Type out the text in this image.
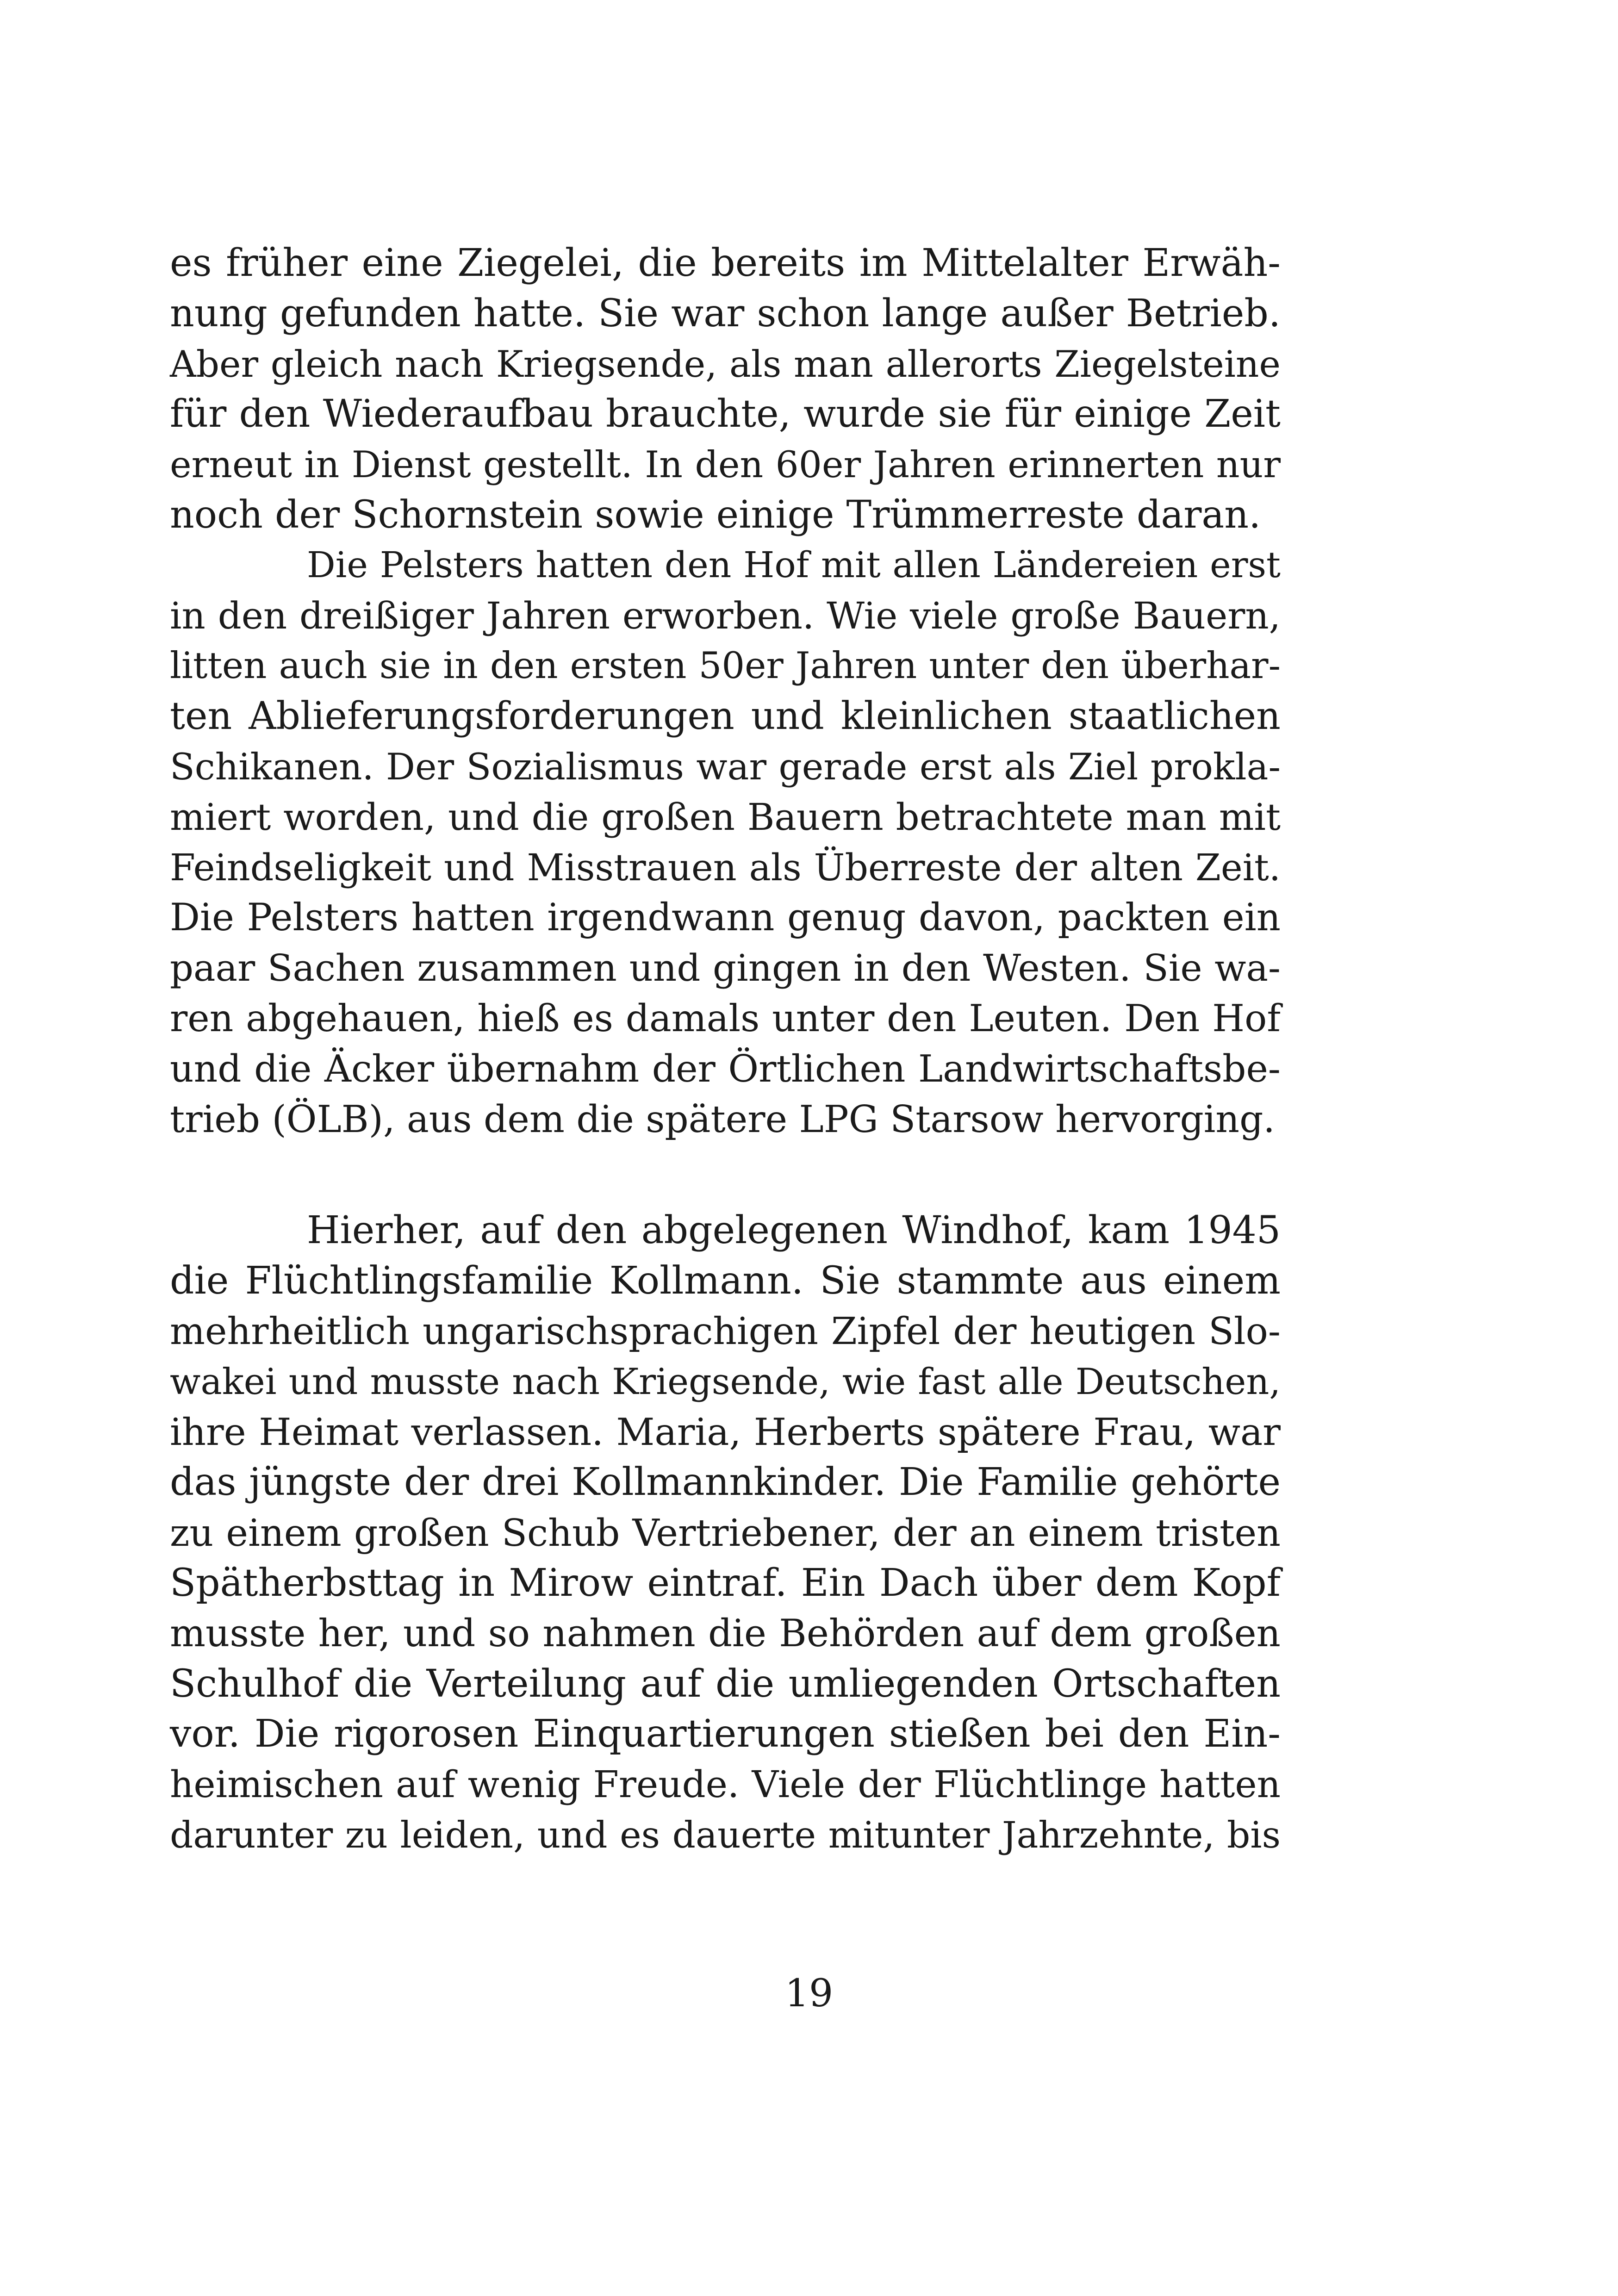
es früher eine Ziegelei, die bereits im Mittelalter Erwäh-
nung gefunden hatte. Sie war schon lange außer Betrieb.
Aber gleich nach Kriegsende, als man allerorts Ziegelsteine
für den Wiederaufbau brauchte, wurde sie für einige Zeit
erneut in Dienst gestellt. In den 60er Jahren erinnerten nur
noch der Schornstein sowie einige Trümmerreste daran.
Die Pelsters hatten den Hof mit allen Ländereien erst
in den dreißiger Jahren erworben. Wie viele große Bauern,
litten auch sie in den ersten 50er Jahren unter den überhar-
ten Ablieferungsforderungen und kleinlichen staatlichen
Schikanen. Der Sozialismus war gerade erst als Ziel prokla-
miert worden, und die großen Bauern betrachtete man mit
Feindseligkeit und Misstrauen als Überreste der alten Zeit.
Die Pelsters hatten irgendwann genug davon, packten ein
paar Sachen zusammen und gingen in den Westen. Sie wa-
ren abgehauen, hieß es damals unter den Leuten. Den Hof
und die Äcker übernahm der Örtlichen Landwirtschaftsbe-
trieb (ÖLB), aus dem die spätere LPG Starsow hervorging.
Hierher, auf den abgelegenen Windhof, kam 1945
die Flüchtlingsfamilie Kollmann. Sie stammte aus einem
mehrheitlich ungarischsprachigen Zipfel der heutigen Slo-
wakei und musste nach Kriegsende, wie fast alle Deutschen,
ihre Heimat verlassen. Maria, Herberts spätere Frau, war
das jüngste der drei Kollmannkinder. Die Familie gehörte
zu einem großen Schub Vertriebener, der an einem tristen
Spätherbsttag in Mirow eintraf. Ein Dach über dem Kopf
musste her, und so nahmen die Behörden auf dem großen
Schulhof die Verteilung auf die umliegenden Ortschaften
vor. Die rigorosen Einquartierungen stießen bei den Ein-
heimischen auf wenig Freude. Viele der Flüchtlinge hatten
darunter zu leiden, und es dauerte mitunter Jahrzehnte, bis
19
